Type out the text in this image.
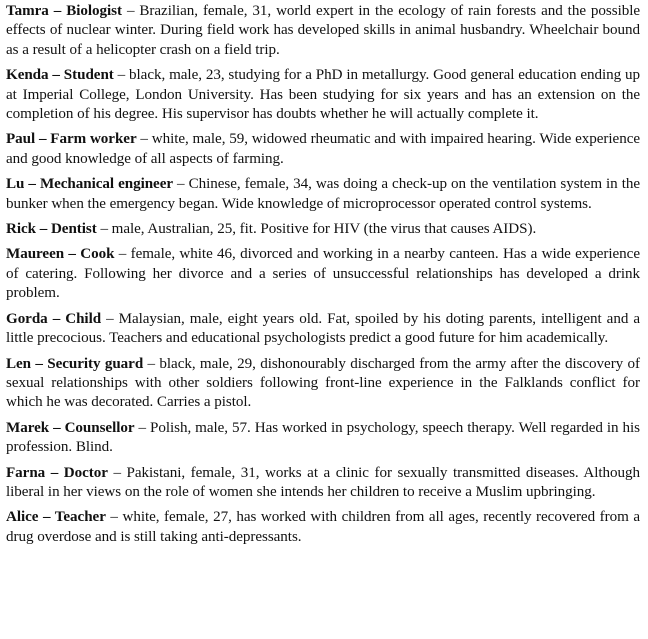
Tamra – Biologist – Brazilian, female, 31, world expert in the ecology of rain forests and the possible effects of nuclear winter. During field work has developed skills in animal husbandry. Wheelchair bound as a result of a helicopter crash on a field trip.

Kenda – Student – black, male, 23, studying for a PhD in metallurgy. Good general education ending up at Imperial College, London University. Has been studying for six years and has an extension on the completion of his degree. His supervisor has doubts whether he will actually complete it.

Paul – Farm worker – white, male, 59, widowed rheumatic and with impaired hearing. Wide experience and good knowledge of all aspects of farming.

Lu – Mechanical engineer – Chinese, female, 34, was doing a check-up on the ventilation system in the bunker when the emergency began. Wide knowledge of microprocessor operated control systems.

Rick – Dentist – male, Australian, 25, fit. Positive for HIV (the virus that causes AIDS).

Maureen – Cook – female, white 46, divorced and working in a nearby canteen. Has a wide experience of catering. Following her divorce and a series of unsuccessful relationships has developed a drink problem.

Gorda – Child – Malaysian, male, eight years old. Fat, spoiled by his doting parents, intelligent and a little precocious. Teachers and educational psychologists predict a good future for him academically.

Len – Security guard – black, male, 29, dishonourably discharged from the army after the discovery of sexual relationships with other soldiers following front-line experience in the Falklands conflict for which he was decorated. Carries a pistol.

Marek – Counsellor – Polish, male, 57. Has worked in psychology, speech therapy. Well regarded in his profession. Blind.

Farna – Doctor – Pakistani, female, 31, works at a clinic for sexually transmitted diseases. Although liberal in her views on the role of women she intends her children to receive a Muslim upbringing.

Alice – Teacher – white, female, 27, has worked with children from all ages, recently recovered from a drug overdose and is still taking anti-depressants.
